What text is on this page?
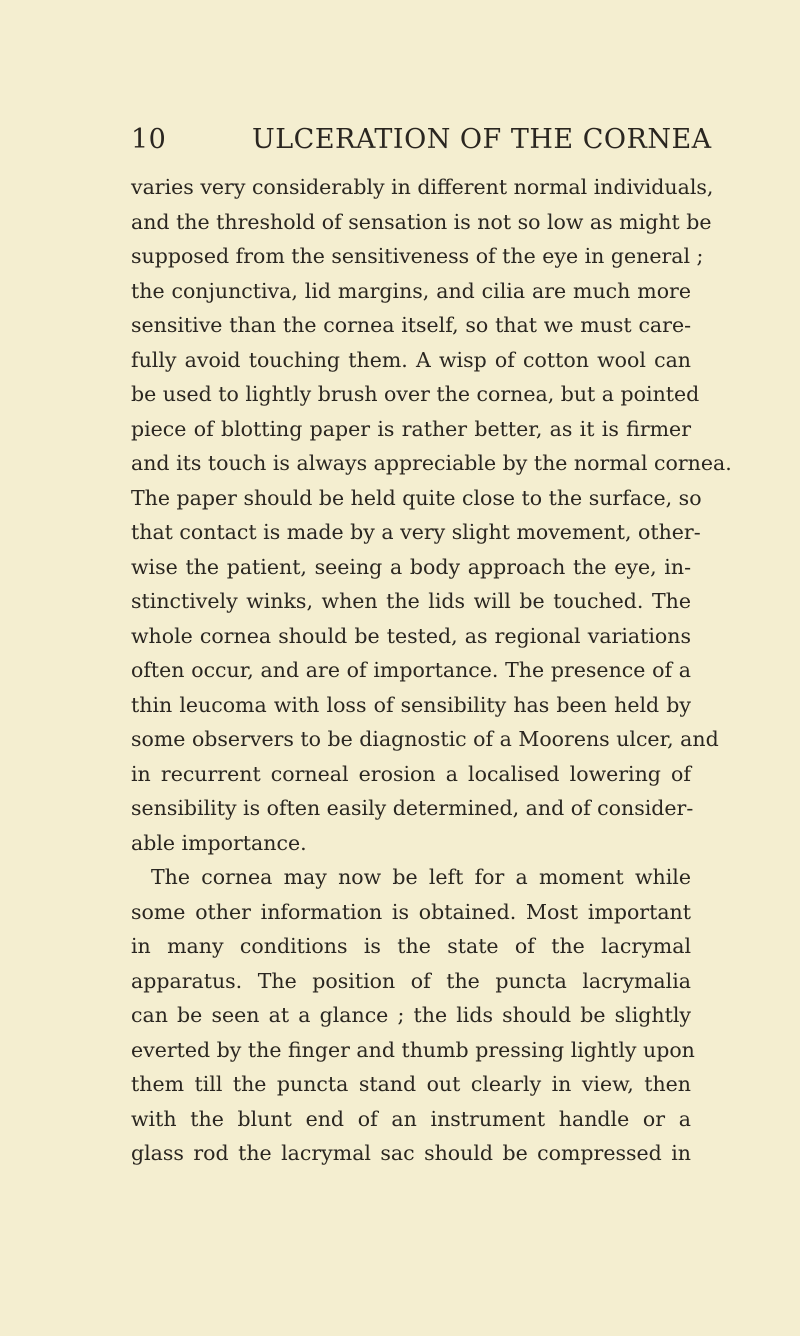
10	ULCERATION OF THE CORNEA
varies very considerably in different normal individuals,
and the threshold of sensation is not so low as might be
supposed from the sensitiveness of the eye in general ;
the conjunctiva, lid margins, and cilia are much more
sensitive than the cornea itself, so that we must care-
fully avoid touching them. A wisp of cotton wool can
be used to lightly brush over the cornea, but a pointed
piece of blotting paper is rather better, as it is firmer
and its touch is always appreciable by the normal cornea.
The paper should be held quite close to the surface, so
that contact is made by a very slight movement, other-
wise the patient, seeing a body approach the eye, in-
stinctively winks, when the lids will be touched. The
whole cornea should be tested, as regional variations
often occur, and are of importance. The presence of a
thin leucoma with loss of sensibility has been held by
some observers to be diagnostic of a Moorens ulcer, and
in recurrent corneal erosion a localised lowering of
sensibility is often easily determined, and of consider-
able importance.
The cornea may now be left for a moment while
some other information is obtained. Most important
in many conditions is the state of the lacrymal
apparatus. The position of the puncta lacrymalia
can be seen at a glance ; the lids should be slightly
everted by the finger and thumb pressing lightly upon
them till the puncta stand out clearly in view, then
with the blunt end of an instrument handle or a
glass rod the lacrymal sac should be compressed in
